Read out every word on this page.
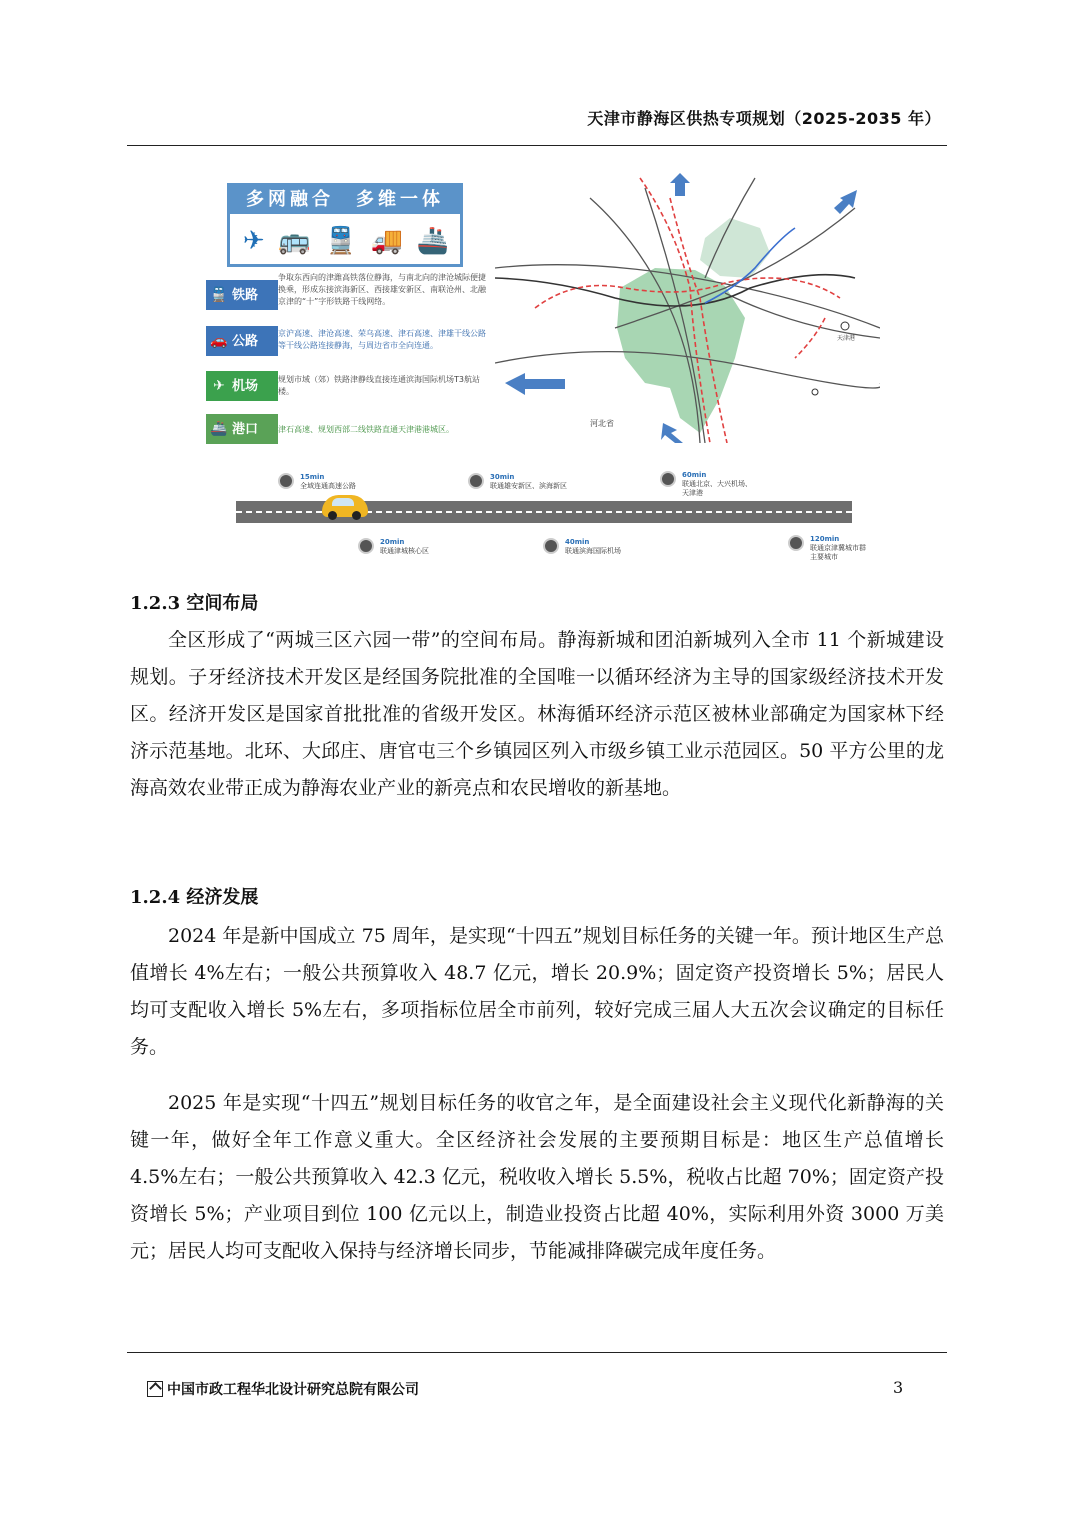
天津市静海区供热专项规划（2025-2035 年）
多网融合　多维一体
✈ 🚌 🚆 🚚 🚢
🚆 铁路
争取东西向的津潍高铁落位静海，与南北向的津沧城际便捷换乘，形成东接滨海新区、西接雄安新区、南联沧州、北融京津的“十”字形铁路干线网络。
🚗 公路
京沪高速、津沧高速、荣乌高速、津石高速、津雄干线公路等干线公路连接静海，与周边省市全向连通。
✈ 机场	规划市域（郊）铁路津静线直接连通滨海国际机场T3航站楼。
🚢 港口	津石高速、规划西部二线铁路直通天津港港城区。
石家庄
河北省
天津港
15min
全域连通高速公路
30min
联通雄安新区、滨海新区
60min
联通北京、大兴机场、天津港
20min
联通津城核心区
40min
联通滨海国际机场
120min
联通京津冀城市群主要城市
1.2.3 空间布局

全区形成了“两城三区六园一带”的空间布局。静海新城和团泊新城列入全市 11 个新城建设规划。子牙经济技术开发区是经国务院批准的全国唯一以循环经济为主导的国家级经济技术开发区。经济开发区是国家首批批准的省级开发区。林海循环经济示范区被林业部确定为国家林下经济示范基地。北环、大邱庄、唐官屯三个乡镇园区列入市级乡镇工业示范园区。50 平方公里的龙海高效农业带正成为静海农业产业的新亮点和农民增收的新基地。

1.2.4 经济发展

2024 年是新中国成立 75 周年，是实现“十四五”规划目标任务的关键一年。预计地区生产总值增长 4%左右；一般公共预算收入 48.7 亿元，增长 20.9%；固定资产投资增长 5%；居民人均可支配收入增长 5%左右，多项指标位居全市前列，较好完成三届人大五次会议确定的目标任务。

2025 年是实现“十四五”规划目标任务的收官之年，是全面建设社会主义现代化新静海的关键一年，做好全年工作意义重大。全区经济社会发展的主要预期目标是：地区生产总值增长 4.5%左右；一般公共预算收入 42.3 亿元，税收收入增长 5.5%，税收占比超 70%；固定资产投资增长 5%；产业项目到位 100 亿元以上，制造业投资占比超 40%，实际利用外资 3000 万美元；居民人均可支配收入保持与经济增长同步，节能减排降碳完成年度任务。

中国市政工程华北设计研究总院有限公司	3
